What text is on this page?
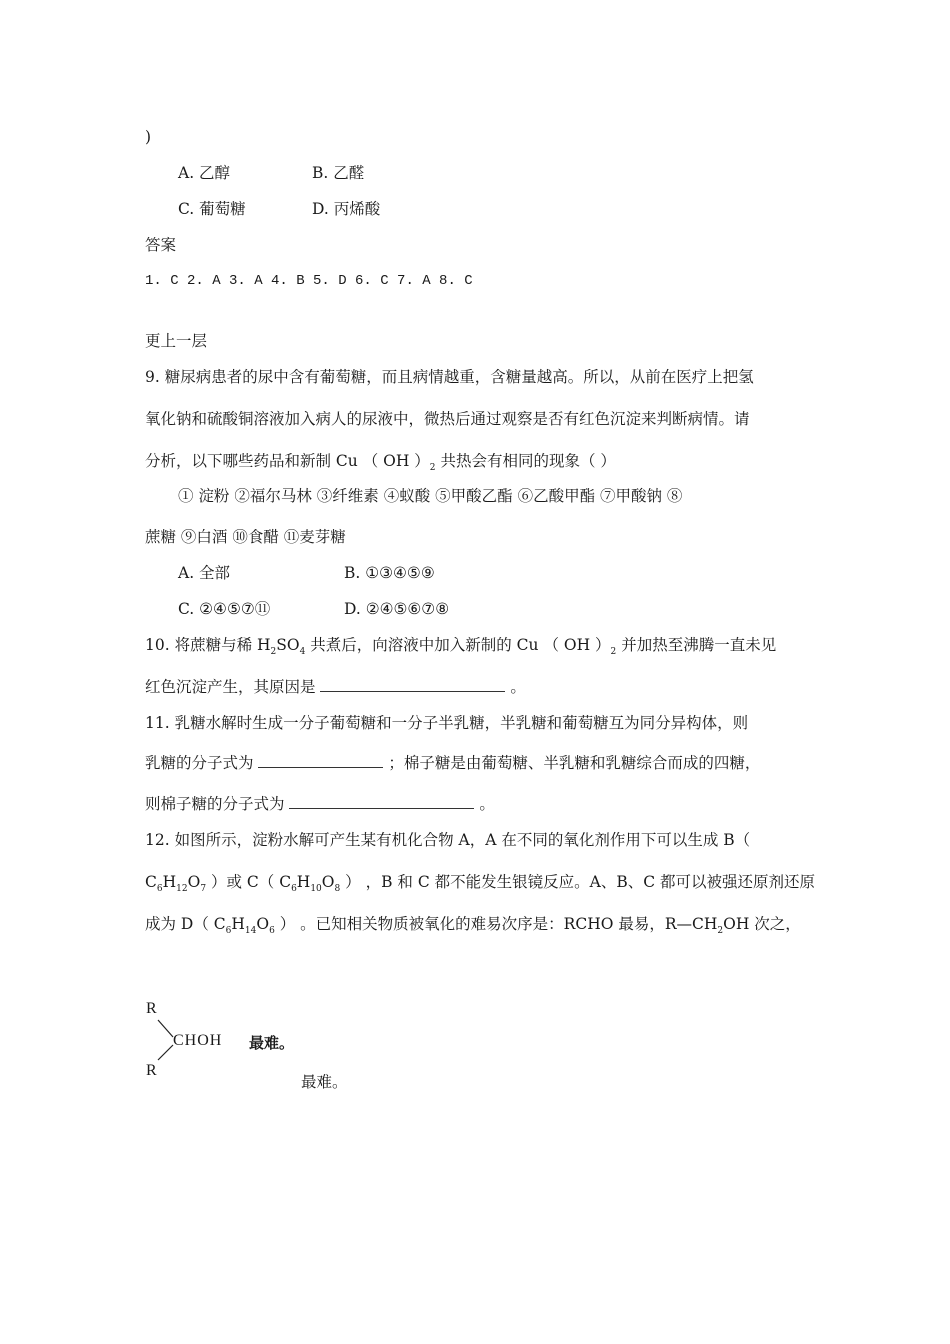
)
A. 乙醇	B. 乙醛
C. 葡萄糖	D. 丙烯酸
答案
1. C 2. A 3. A 4. B 5. D 6. C 7. A 8. C
更上一层
9. 糖尿病患者的尿中含有葡萄糖，而且病情越重，含糖量越高。所以，从前在医疗上把氢
氧化钠和硫酸铜溶液加入病人的尿液中，微热后通过观察是否有红色沉淀来判断病情。请
分析，以下哪些药品和新制 Cu （ OH ）$_2$ 共热会有相同的现象（ ）
① 淀粉 ②福尔马林 ③纤维素 ④蚁酸 ⑤甲酸乙酯 ⑥乙酸甲酯 ⑦甲酸钠 ⑧
蔗糖 ⑨白酒 ⑩食醋 ⑪麦芽糖
A. 全部	B. ①③④⑤⑨
C. ②④⑤⑦⑪	D. ②④⑤⑥⑦⑧
10. 将蔗糖与稀 $H_2SO_4$ 共煮后，向溶液中加入新制的 Cu （ OH ）$_2$ 并加热至沸腾一直未见
红色沉淀产生，其原因是	。
11. 乳糖水解时生成一分子葡萄糖和一分子半乳糖，半乳糖和葡萄糖互为同分异构体，则
乳糖的分子式为	；棉子糖是由葡萄糖、半乳糖和乳糖综合而成的四糖，
则棉子糖的分子式为	。
12. 如图所示，淀粉水解可产生某有机化合物 A，A 在不同的氧化剂作用下可以生成 B（
$C_6H_{12}O_7$ ）或 C（ $C_6H_{10}O_8$ ） ，B 和 C 都不能发生银镜反应。A、B、C 都可以被强还原剂还原
成为 D（ $C_6H_{14}O_6$ ） 。已知相关物质被氧化的难易次序是：RCHO 最易，$R—CH_2OH$ 次之，
R
R
CHOH 最难。
最难。
